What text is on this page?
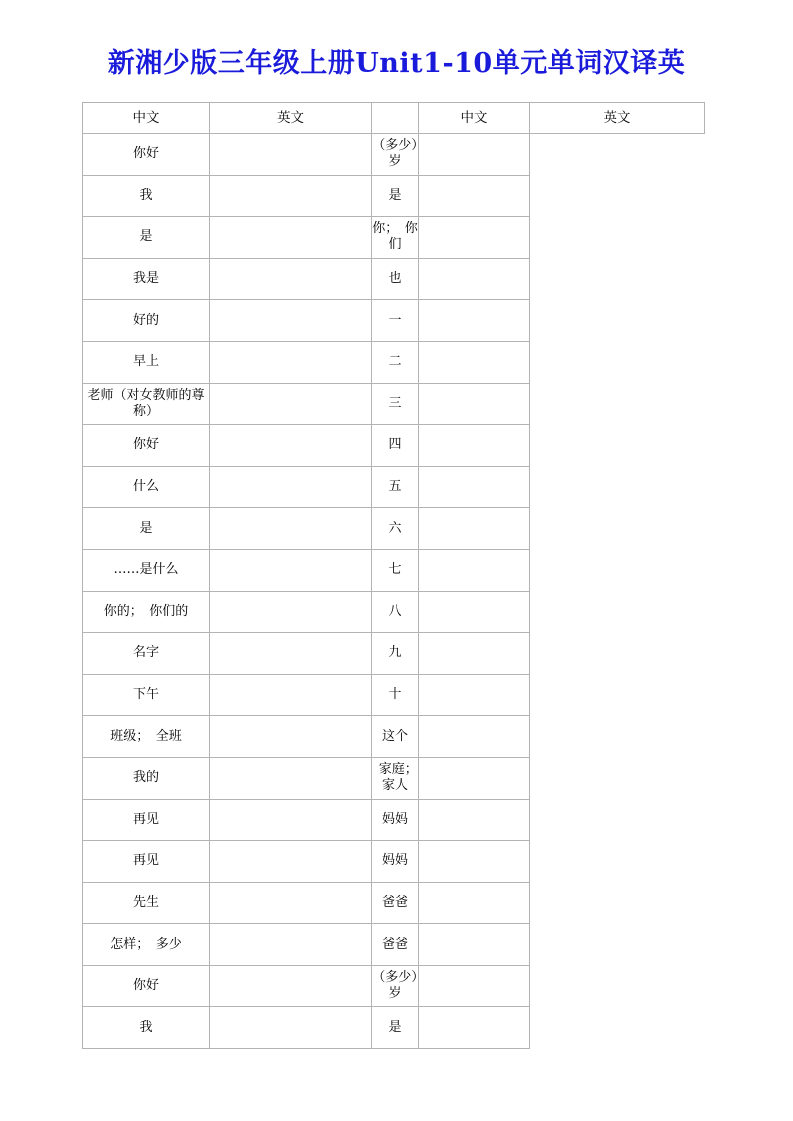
新湘少版三年级上册Unit1-10单元单词汉译英
中文	英文		中文	英文
你好		（多少）岁		
我		是		
是		你；　你们		
我是		也		
好的		一		
早上		二		
老师（对女教师的尊称）		三		
你好		四		
什么		五		
是		六		
……是什么		七		
你的；　你们的		八		
名字		九		
下午		十		
班级；　全班		这个		
我的		家庭；　家人		
再见		妈妈		
再见		妈妈		
先生		爸爸		
怎样；　多少		爸爸		
你好		（多少）岁		
我		是		
